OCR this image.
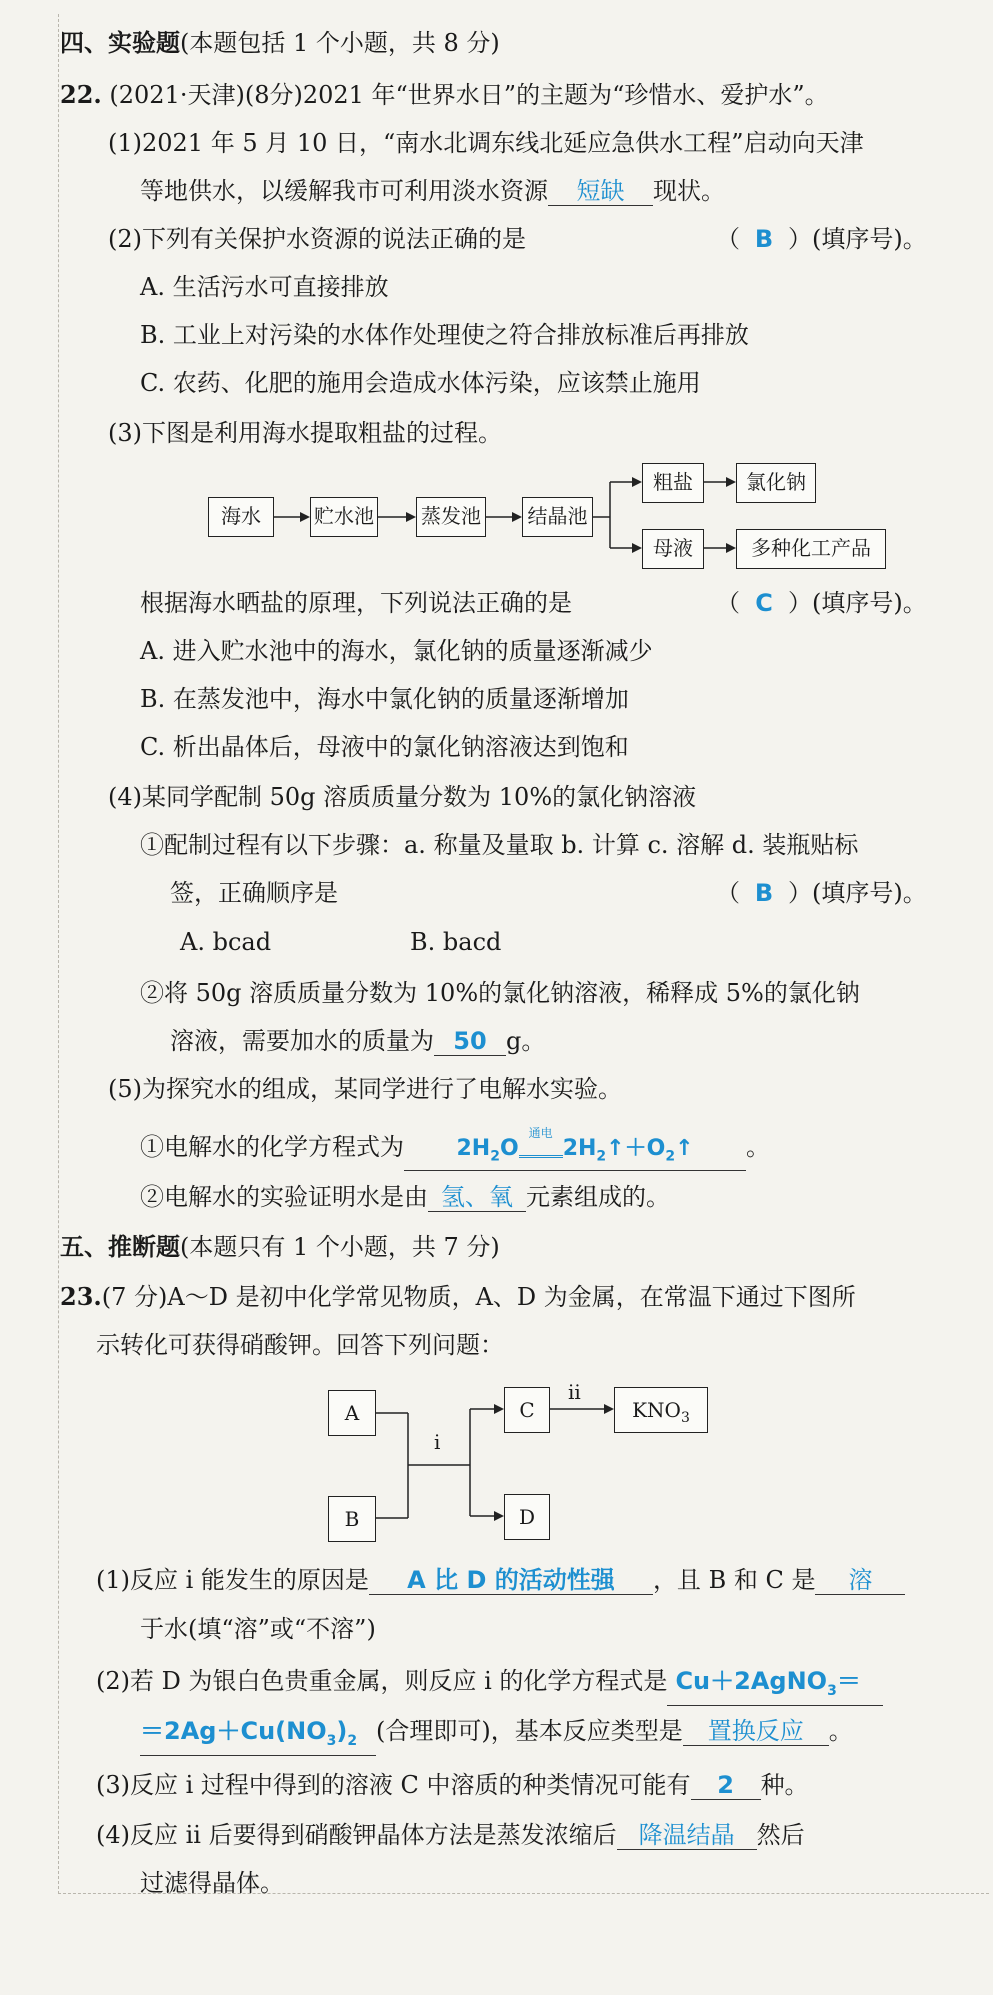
四、实验题(本题包括 1 个小题，共 8 分)
22. (2021·天津)(8分)2021 年“世界水日”的主题为“珍惜水、爱护水”。
(1)2021 年 5 月 10 日，“南水北调东线北延应急供水工程”启动向天津
等地供水，以缓解我市可利用淡水资源 短缺 现状。
(2)下列有关保护水资源的说法正确的是	（ B ）(填序号)。
A. 生活污水可直接排放
B. 工业上对污染的水体作处理使之符合排放标准后再排放
C. 农药、化肥的施用会造成水体污染，应该禁止施用
(3)下图是利用海水提取粗盐的过程。
海水	贮水池 蒸发池 结晶池
粗盐	氯化钠
母液	多种化工产品
根据海水晒盐的原理，下列说法正确的是	（ C ）(填序号)。
A. 进入贮水池中的海水，氯化钠的质量逐渐减少
B. 在蒸发池中，海水中氯化钠的质量逐渐增加
C. 析出晶体后，母液中的氯化钠溶液达到饱和
(4)某同学配制 50g 溶质质量分数为 10%的氯化钠溶液
①配制过程有以下步骤：a. 称量及量取 b. 计算 c. 溶解 d. 装瓶贴标
签，正确顺序是	（ B ）(填序号)。
A. bcad	B. bacd
②将 50g 溶质质量分数为 10%的氯化钠溶液，稀释成 5%的氯化钠
溶液，需要加水的质量为 50 g。
(5)为探究水的组成，某同学进行了电解水实验。
①电解水的化学方程式为 $2H_2O$
通电
$2H_2↑+O_2↑$ 。
②电解水的实验证明水是由 氢、氧 元素组成的。
五、推断题(本题只有 1 个小题，共 7 分)
23.(7 分)A～D 是初中化学常见物质，A、D 为金属，在常温下通过下图所
示转化可获得硝酸钾。回答下列问题：
A
B
C
D
$KNO_3$
i
ii
(1)反应 i 能发生的原因是 A 比 D 的活动性强 ，且 B 和 C 是 溶
于水(填“溶”或“不溶”)
(2)若 D 为银白色贵重金属，则反应 i 的化学方程式是 Cu＋2AgNO$_3$＝
$=2Ag+Cu(NO_3)_2$ (合理即可)，基本反应类型是 置换反应 。
(3)反应 i 过程中得到的溶液 C 中溶质的种类情况可能有 2 种。
(4)反应 ii 后要得到硝酸钾晶体方法是蒸发浓缩后 降温结晶 然后
过滤得晶体。
